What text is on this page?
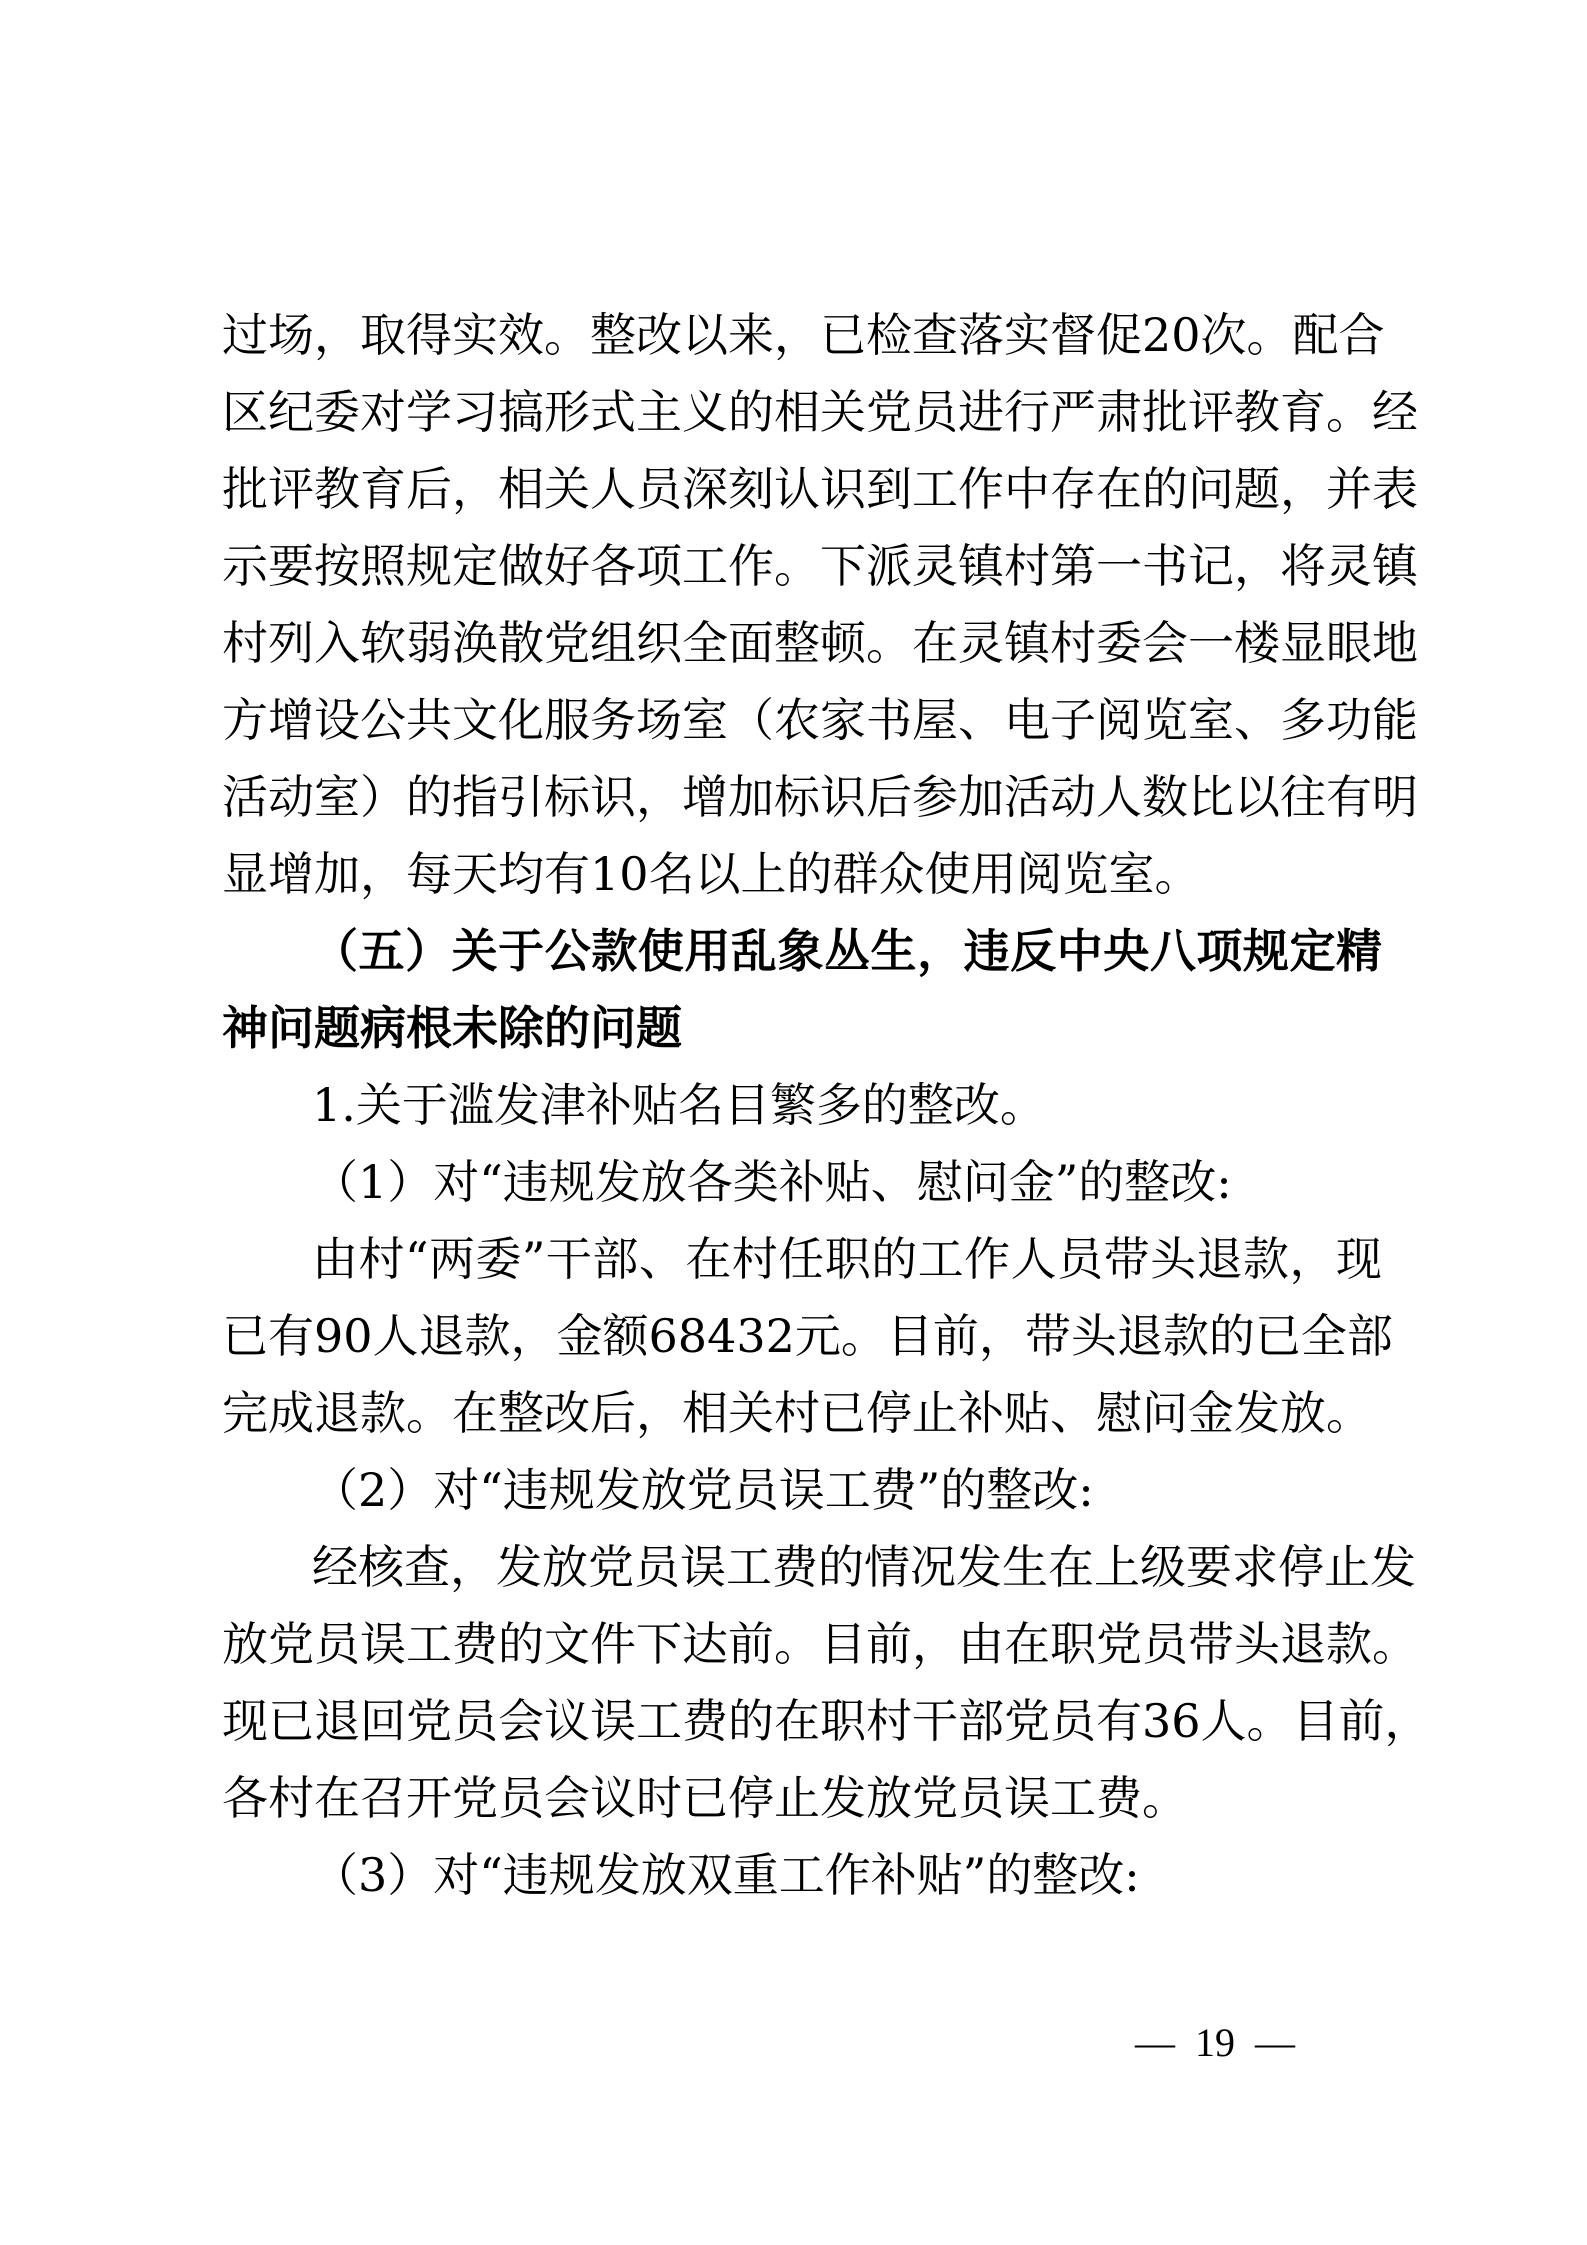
过场，取得实效。整改以来，已检查落实督促20次。配合
区纪委对学习搞形式主义的相关党员进行严肃批评教育。经
批评教育后，相关人员深刻认识到工作中存在的问题，并表
示要按照规定做好各项工作。下派灵镇村第一书记，将灵镇
村列入软弱涣散党组织全面整顿。在灵镇村委会一楼显眼地
方增设公共文化服务场室（农家书屋、电子阅览室、多功能
活动室）的指引标识，增加标识后参加活动人数比以往有明
显增加，每天均有10名以上的群众使用阅览室。
（五）关于公款使用乱象丛生，违反中央八项规定精
神问题病根未除的问题
1.关于滥发津补贴名目繁多的整改。
（1）对“违规发放各类补贴、慰问金”的整改:
由村“两委”干部、在村任职的工作人员带头退款，现
已有90人退款，金额68432元。目前，带头退款的已全部
完成退款。在整改后，相关村已停止补贴、慰问金发放。
（2）对“违规发放党员误工费”的整改:
经核查，发放党员误工费的情况发生在上级要求停止发
放党员误工费的文件下达前。目前，由在职党员带头退款。
现已退回党员会议误工费的在职村干部党员有36人。目前，
各村在召开党员会议时已停止发放党员误工费。
（3）对“违规发放双重工作补贴”的整改:
—  19  —
